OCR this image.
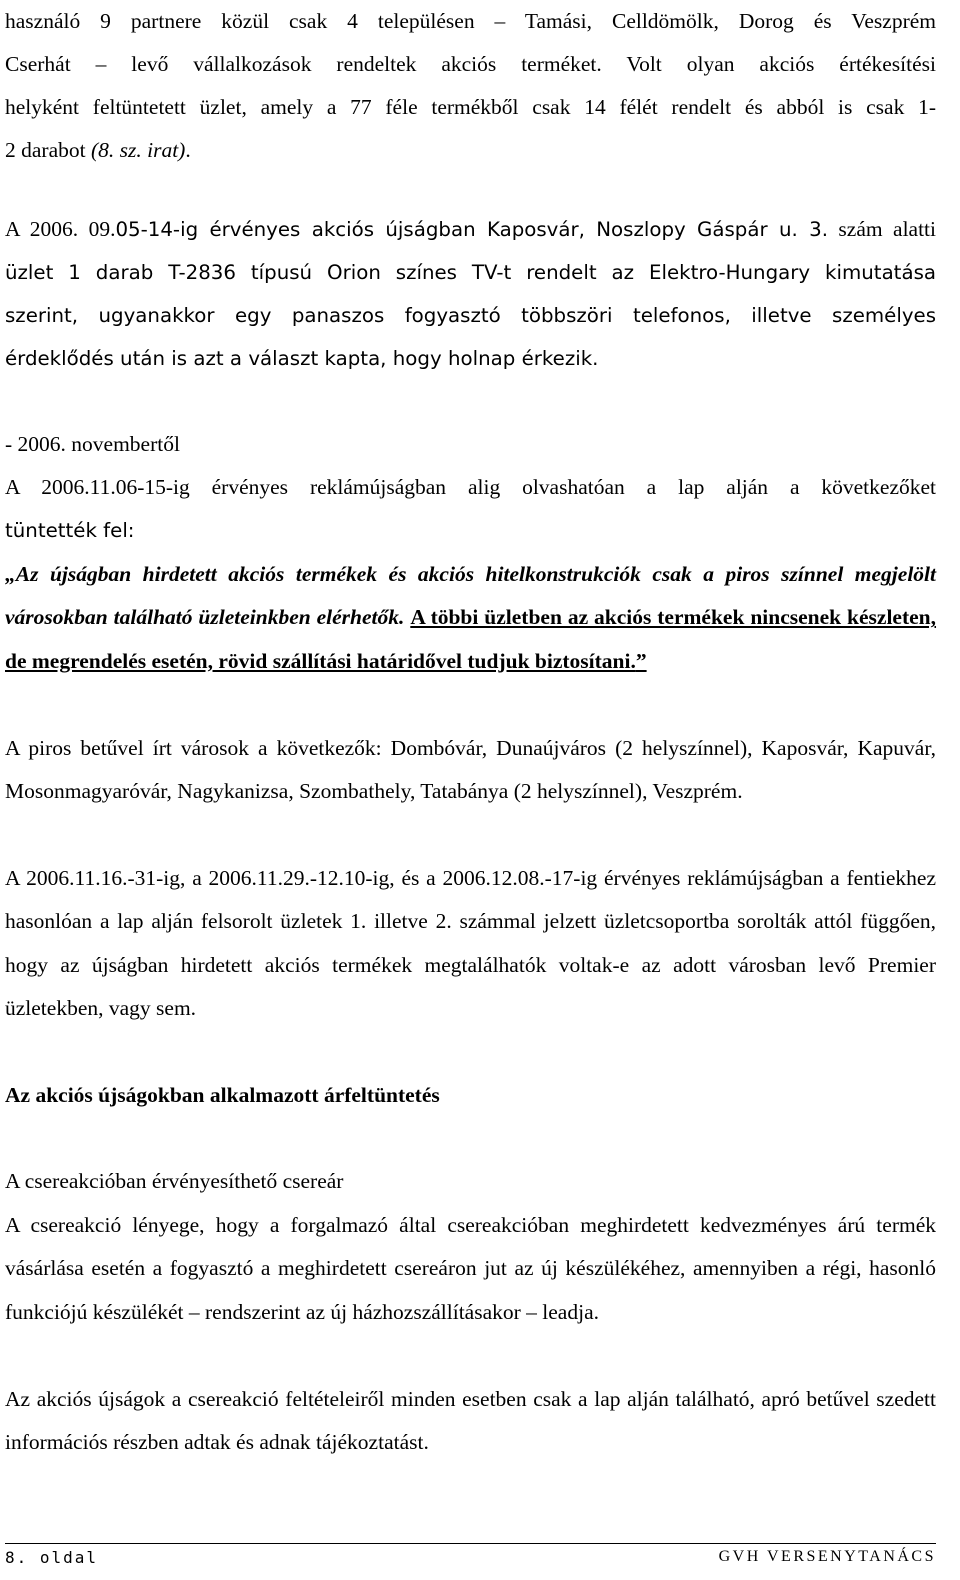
használó 9 partnere közül csak 4 településen – Tamási, Celldömölk, Dorog és Veszprém
Cserhát – levő vállalkozások rendeltek akciós terméket. Volt olyan akciós értékesítési
helyként feltüntetett üzlet, amely a 77 féle termékből csak 14 félét rendelt és abból is csak 1-
2 darabot (8. sz. irat).
A 2006. 09.05-14-ig érvényes akciós újságban Kaposvár, Noszlopy Gáspár u. 3. szám alatti
üzlet 1 darab T-2836 típusú Orion színes TV-t rendelt az Elektro-Hungary kimutatása
szerint, ugyanakkor egy panaszos fogyasztó többszöri telefonos, illetve személyes
érdeklődés után is azt a választ kapta, hogy holnap érkezik.
- 2006. novembertől
A 2006.11.06-15-ig érvényes reklámújságban alig olvashatóan a lap alján a következőket
tüntették fel:
„Az újságban hirdetett akciós termékek és akciós hitelkonstrukciók csak a piros színnel megjelölt városokban található üzleteinkben elérhetők. A többi üzletben az akciós termékek nincsenek készleten, de megrendelés esetén, rövid szállítási határidővel tudjuk biztosítani.”
A piros betűvel írt városok a következők: Dombóvár, Dunaújváros (2 helyszínnel), Kaposvár, Kapuvár, Mosonmagyaróvár, Nagykanizsa, Szombathely, Tatabánya (2 helyszínnel), Veszprém.
A 2006.11.16.-31-ig, a 2006.11.29.-12.10-ig, és a 2006.12.08.-17-ig érvényes reklámújságban a fentiekhez hasonlóan a lap alján felsorolt üzletek 1. illetve 2. számmal jelzett üzletcsoportba sorolták attól függően, hogy az újságban hirdetett akciós termékek megtalálhatók voltak-e az adott városban levő Premier üzletekben, vagy sem.
Az akciós újságokban alkalmazott árfeltüntetés
A csereakcióban érvényesíthető csereár
A csereakció lényege, hogy a forgalmazó által csereakcióban meghirdetett kedvezményes árú termék vásárlása esetén a fogyasztó a meghirdetett csereáron jut az új készülékéhez, amennyiben a régi, hasonló funkciójú készülékét – rendszerint az új házhozszállításakor – leadja.
Az akciós újságok a csereakció feltételeiről minden esetben csak a lap alján található, apró betűvel szedett információs részben adtak és adnak tájékoztatást.
8. oldal	GVH VERSENYTANÁCS
